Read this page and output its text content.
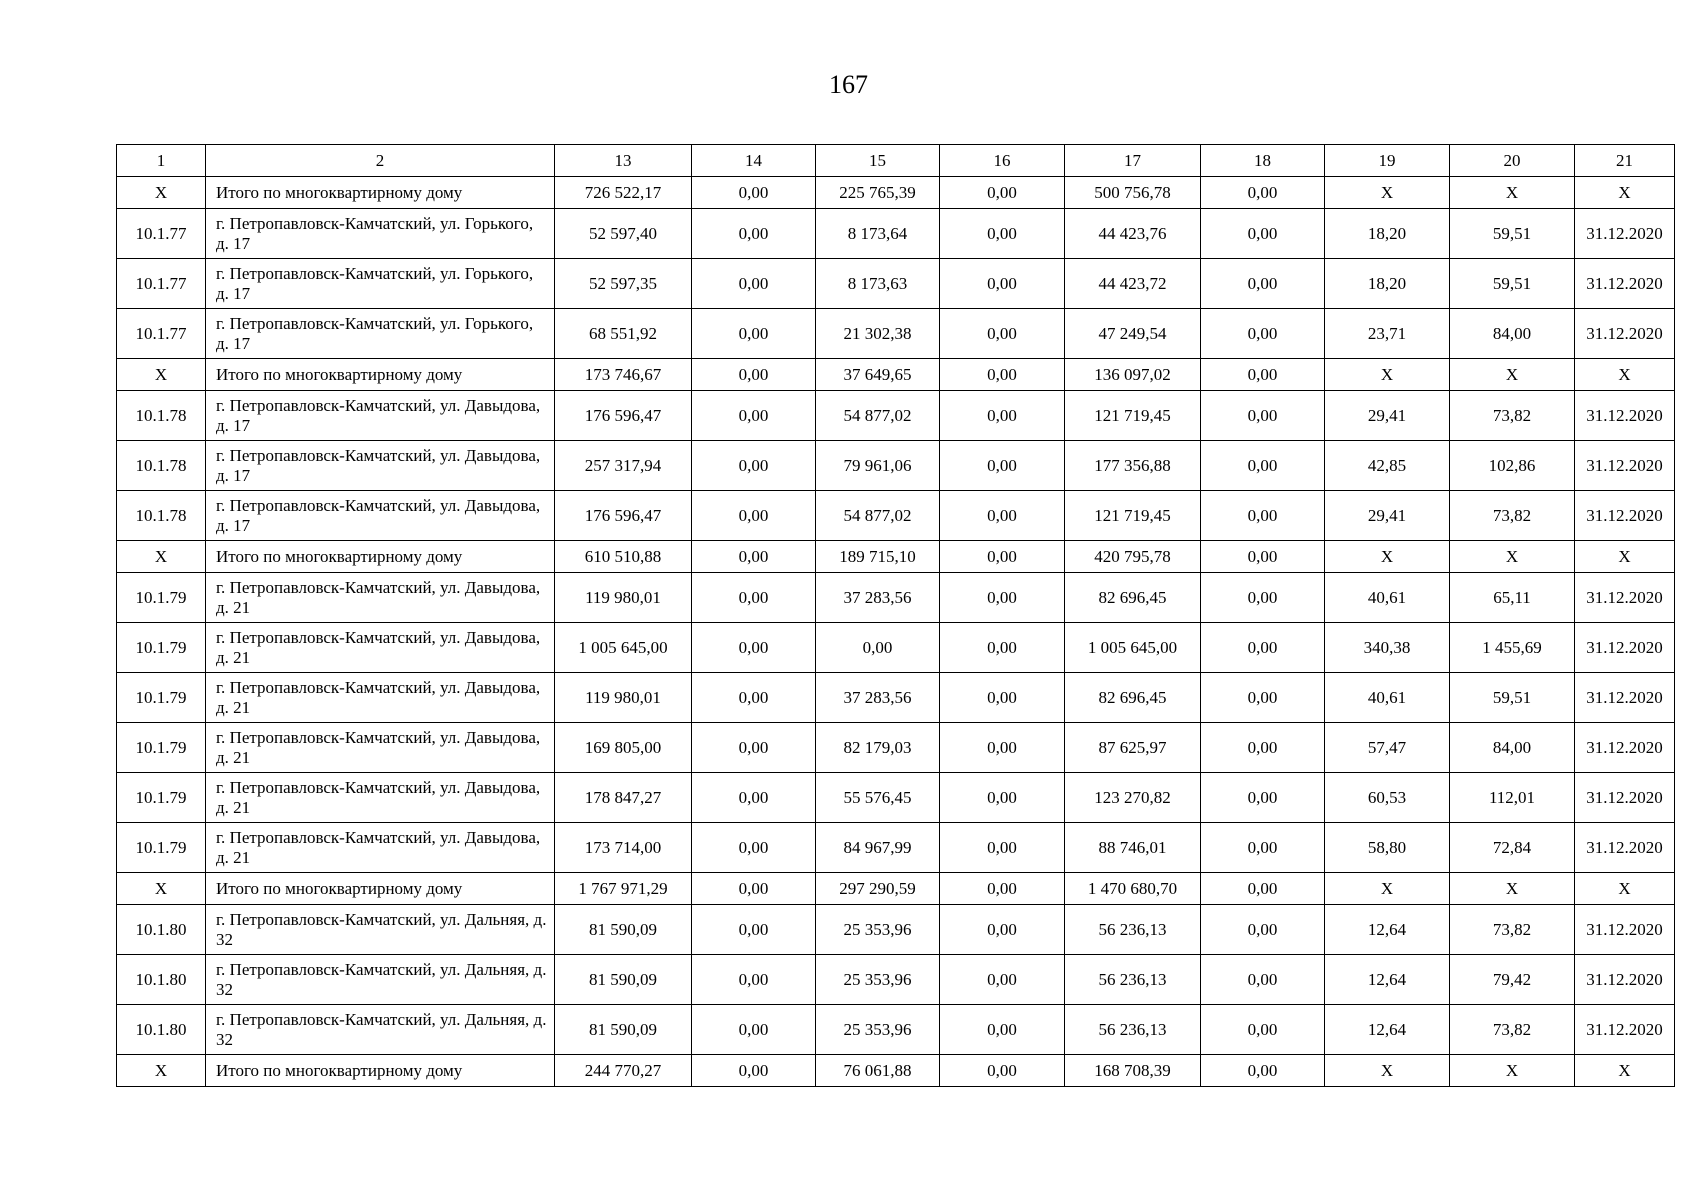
167
1	2	13	14	15	16	17	18	19	20	21
X	Итого по многоквартирному дому	726 522,17	0,00	225 765,39	0,00	500 756,78	0,00	X	X	X
10.1.77	г. Петропавловск-Камчатский, ул. Горького, д. 17	52 597,40	0,00	8 173,64	0,00	44 423,76	0,00	18,20	59,51	31.12.2020
10.1.77	г. Петропавловск-Камчатский, ул. Горького, д. 17	52 597,35	0,00	8 173,63	0,00	44 423,72	0,00	18,20	59,51	31.12.2020
10.1.77	г. Петропавловск-Камчатский, ул. Горького, д. 17	68 551,92	0,00	21 302,38	0,00	47 249,54	0,00	23,71	84,00	31.12.2020
X	Итого по многоквартирному дому	173 746,67	0,00	37 649,65	0,00	136 097,02	0,00	X	X	X
10.1.78	г. Петропавловск-Камчатский, ул. Давыдова, д. 17	176 596,47	0,00	54 877,02	0,00	121 719,45	0,00	29,41	73,82	31.12.2020
10.1.78	г. Петропавловск-Камчатский, ул. Давыдова, д. 17	257 317,94	0,00	79 961,06	0,00	177 356,88	0,00	42,85	102,86	31.12.2020
10.1.78	г. Петропавловск-Камчатский, ул. Давыдова, д. 17	176 596,47	0,00	54 877,02	0,00	121 719,45	0,00	29,41	73,82	31.12.2020
X	Итого по многоквартирному дому	610 510,88	0,00	189 715,10	0,00	420 795,78	0,00	X	X	X
10.1.79	г. Петропавловск-Камчатский, ул. Давыдова, д. 21	119 980,01	0,00	37 283,56	0,00	82 696,45	0,00	40,61	65,11	31.12.2020
10.1.79	г. Петропавловск-Камчатский, ул. Давыдова, д. 21	1 005 645,00	0,00	0,00	0,00	1 005 645,00	0,00	340,38	1 455,69	31.12.2020
10.1.79	г. Петропавловск-Камчатский, ул. Давыдова, д. 21	119 980,01	0,00	37 283,56	0,00	82 696,45	0,00	40,61	59,51	31.12.2020
10.1.79	г. Петропавловск-Камчатский, ул. Давыдова, д. 21	169 805,00	0,00	82 179,03	0,00	87 625,97	0,00	57,47	84,00	31.12.2020
10.1.79	г. Петропавловск-Камчатский, ул. Давыдова, д. 21	178 847,27	0,00	55 576,45	0,00	123 270,82	0,00	60,53	112,01	31.12.2020
10.1.79	г. Петропавловск-Камчатский, ул. Давыдова, д. 21	173 714,00	0,00	84 967,99	0,00	88 746,01	0,00	58,80	72,84	31.12.2020
X	Итого по многоквартирному дому	1 767 971,29	0,00	297 290,59	0,00	1 470 680,70	0,00	X	X	X
10.1.80	г. Петропавловск-Камчатский, ул. Дальняя, д. 32	81 590,09	0,00	25 353,96	0,00	56 236,13	0,00	12,64	73,82	31.12.2020
10.1.80	г. Петропавловск-Камчатский, ул. Дальняя, д. 32	81 590,09	0,00	25 353,96	0,00	56 236,13	0,00	12,64	79,42	31.12.2020
10.1.80	г. Петропавловск-Камчатский, ул. Дальняя, д. 32	81 590,09	0,00	25 353,96	0,00	56 236,13	0,00	12,64	73,82	31.12.2020
X	Итого по многоквартирному дому	244 770,27	0,00	76 061,88	0,00	168 708,39	0,00	X	X	X
